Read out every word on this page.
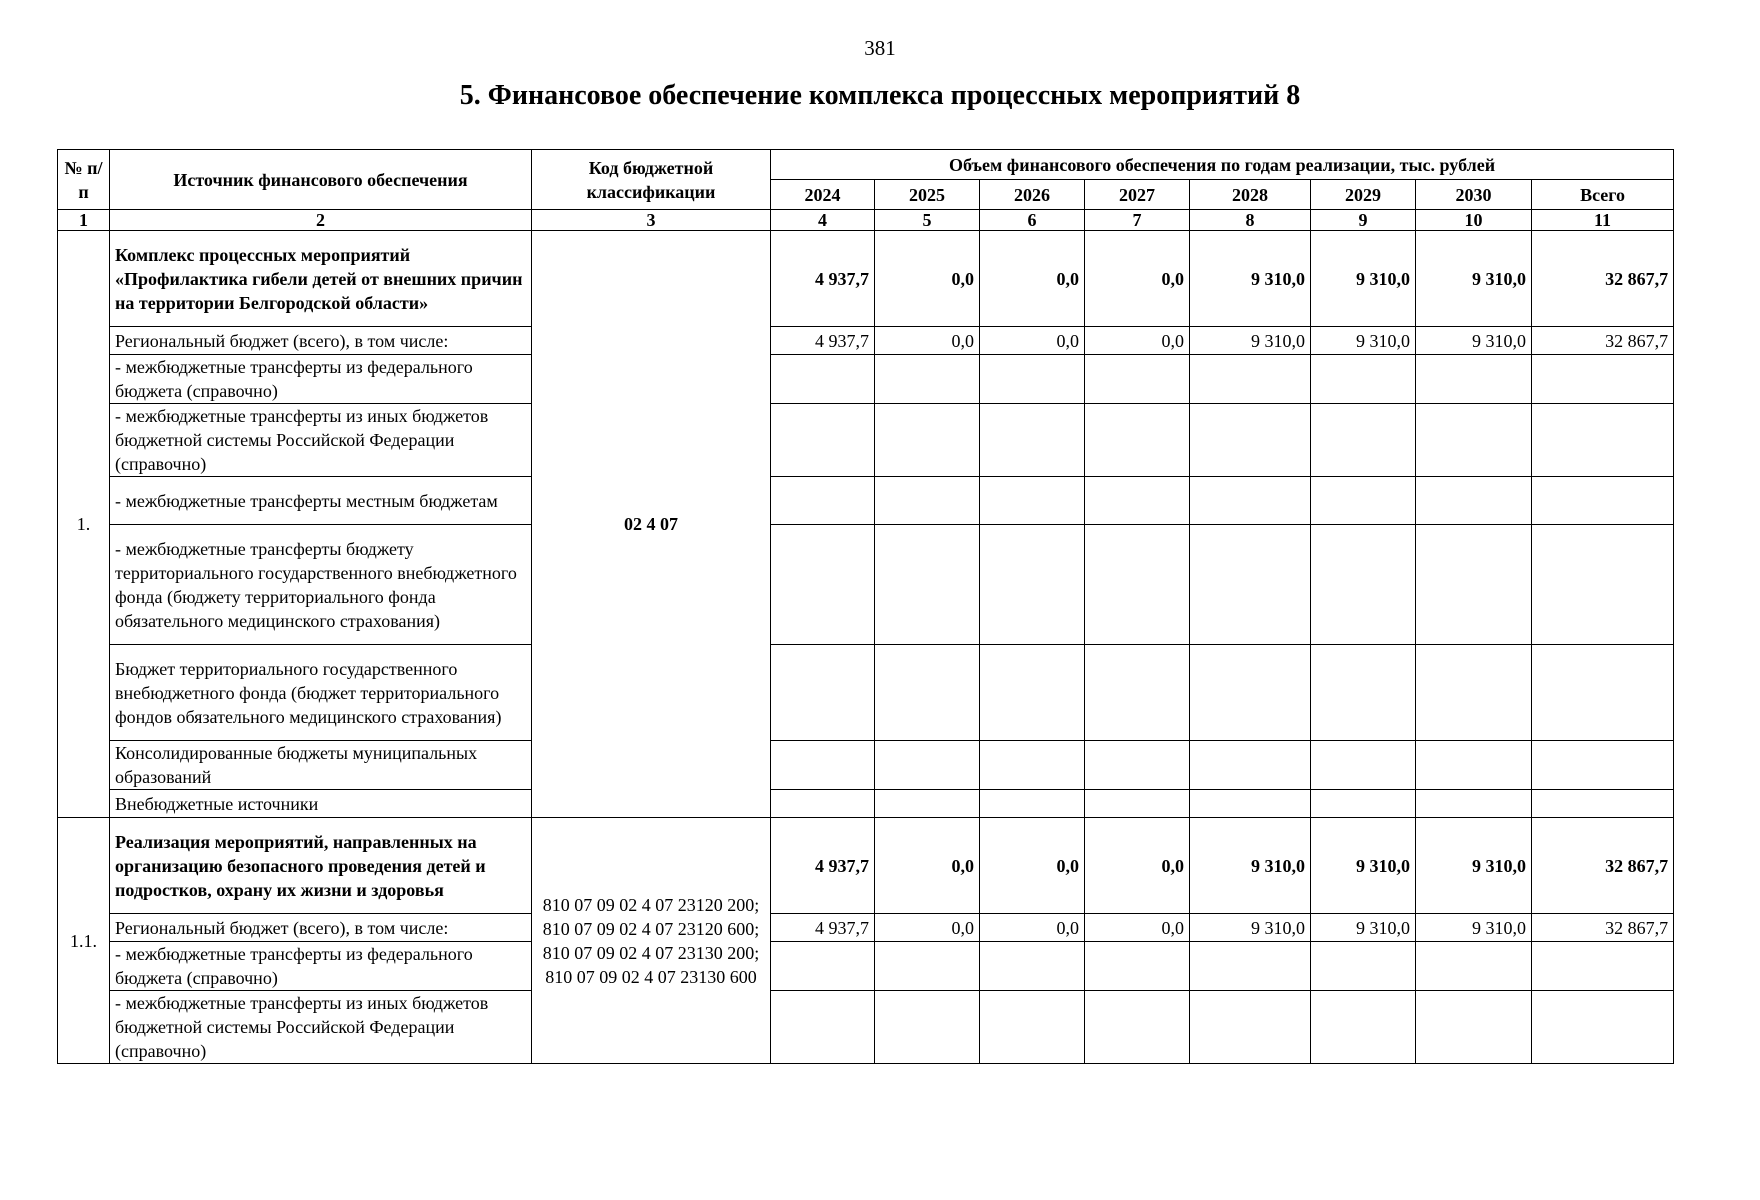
381
5. Финансовое обеспечение комплекса процессных мероприятий 8
№ п/п	Источник финансового обеспечения	Код бюджетной классификации	Объем финансового обеспечения по годам реализации, тыс. рублей							
			2024	2025	2026	2027	2028	2029	2030	Всего
1	2	3	4	5	6	7	8	9	10	11
1.	Комплекс процессных мероприятий «Профилактика гибели детей от внешних причин на территории Белгородской области»	02 4 07	4 937,7	0,0	0,0	0,0	9 310,0	9 310,0	9 310,0	32 867,7
	Региональный бюджет (всего), в том числе:		4 937,7	0,0	0,0	0,0	9 310,0	9 310,0	9 310,0	32 867,7
	- межбюджетные трансферты из федерального бюджета (справочно)									
	- межбюджетные трансферты из иных бюджетов бюджетной системы Российской Федерации (справочно)									
	- межбюджетные трансферты местным бюджетам									
	- межбюджетные трансферты бюджету территориального государственного внебюджетного фонда (бюджету территориального фонда обязательного медицинского страхования)									
	Бюджет территориального государственного внебюджетного фонда (бюджет территориального фондов обязательного медицинского страхования)									
	Консолидированные бюджеты муниципальных образований									
	Внебюджетные источники									
1.1.	Реализация мероприятий, направленных на организацию безопасного проведения детей и подростков, охрану их жизни и здоровья	810 07 09 02 4 07 23120 200; 810 07 09 02 4 07 23120 600; 810 07 09 02 4 07 23130 200; 810 07 09 02 4 07 23130 600	4 937,7	0,0	0,0	0,0	9 310,0	9 310,0	9 310,0	32 867,7
	Региональный бюджет (всего), в том числе:		4 937,7	0,0	0,0	0,0	9 310,0	9 310,0	9 310,0	32 867,7
	- межбюджетные трансферты из федерального бюджета (справочно)									
	- межбюджетные трансферты из иных бюджетов бюджетной системы Российской Федерации (справочно)									
